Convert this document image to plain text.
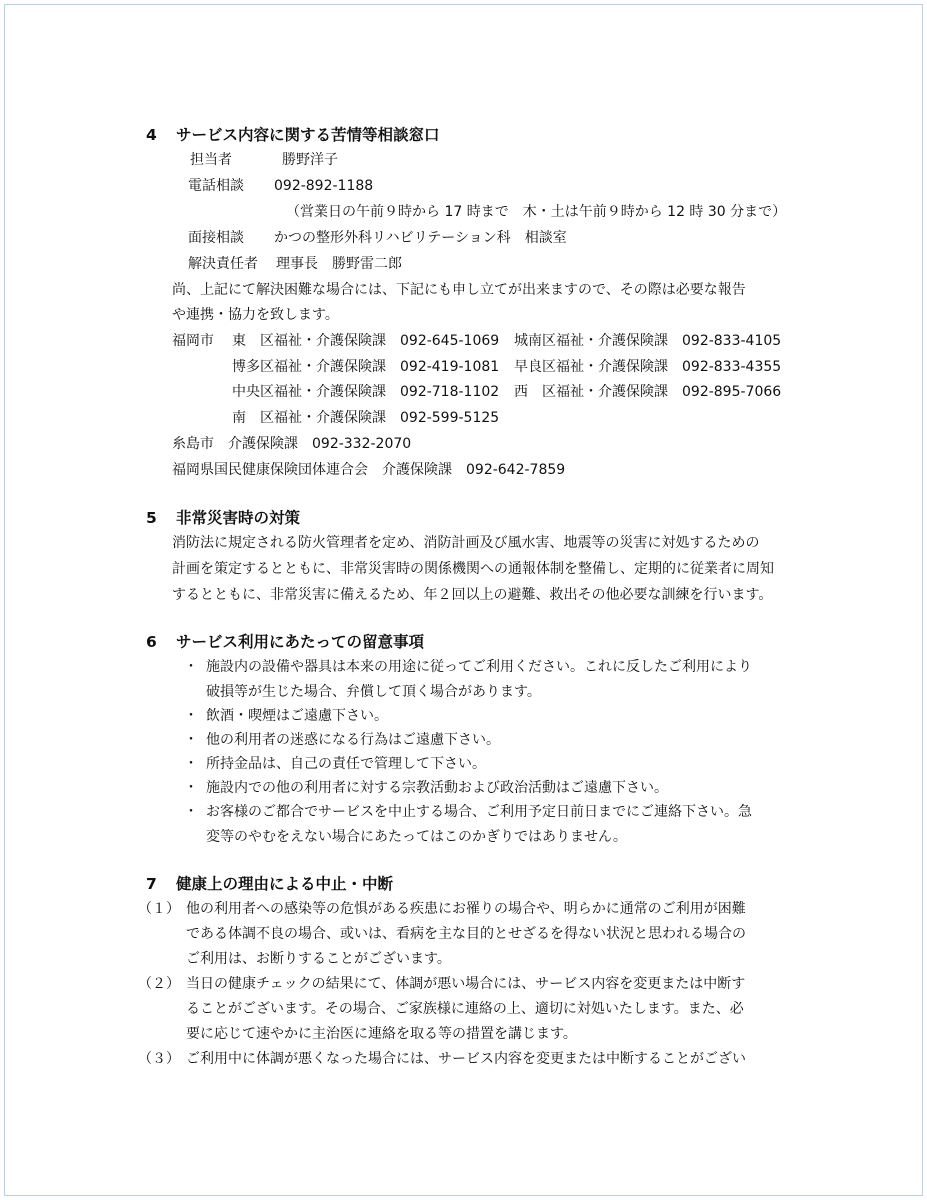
4 サービス内容に関する苦情等相談窓口
担当者	勝野洋子
電話相談 092-892-1188
（営業日の午前９時から 17 時まで　木・土は午前９時から 12 時 30 分まで）
面接相談 かつの整形外科リハビリテーション科　相談室
解決責任者 理事長　勝野雷二郎
尚、上記にて解決困難な場合には、下記にも申し立てが出来ますので、その際は必要な報告
や連携・協力を致します。
福岡市 東　区福祉・介護保険課　092-645-1069 城南区福祉・介護保険課　092-833-4105
博多区福祉・介護保険課　092-419-1081 早良区福祉・介護保険課　092-833-4355
中央区福祉・介護保険課　092-718-1102 西　区福祉・介護保険課　092-895-7066
南　区福祉・介護保険課　092-599-5125
糸島市　介護保険課　092-332-2070
福岡県国民健康保険団体連合会　介護保険課　092-642-7859
5 非常災害時の対策
消防法に規定される防火管理者を定め、消防計画及び風水害、地震等の災害に対処するための
計画を策定するとともに、非常災害時の関係機関への通報体制を整備し、定期的に従業者に周知
するとともに、非常災害に備えるため、年２回以上の避難、救出その他必要な訓練を行います。
6 サービス利用にあたっての留意事項
・ 施設内の設備や器具は本来の用途に従ってご利用ください。これに反したご利用により
破損等が生じた場合、弁償して頂く場合があります。
・ 飲酒・喫煙はご遠慮下さい。
・ 他の利用者の迷惑になる行為はご遠慮下さい。
・ 所持金品は、自己の責任で管理して下さい。
・ 施設内での他の利用者に対する宗教活動および政治活動はご遠慮下さい。
・ お客様のご都合でサービスを中止する場合、ご利用予定日前日までにご連絡下さい。急
変等のやむをえない場合にあたってはこのかぎりではありません。
7 健康上の理由による中止・中断
（１） 他の利用者への感染等の危惧がある疾患にお罹りの場合や、明らかに通常のご利用が困難
である体調不良の場合、或いは、看病を主な目的とせざるを得ない状況と思われる場合の
ご利用は、お断りすることがございます。
（２） 当日の健康チェックの結果にて、体調が悪い場合には、サービス内容を変更または中断す
ることがございます。その場合、ご家族様に連絡の上、適切に対処いたします。また、必
要に応じて速やかに主治医に連絡を取る等の措置を講じます。
（３） ご利用中に体調が悪くなった場合には、サービス内容を変更または中断することがござい
